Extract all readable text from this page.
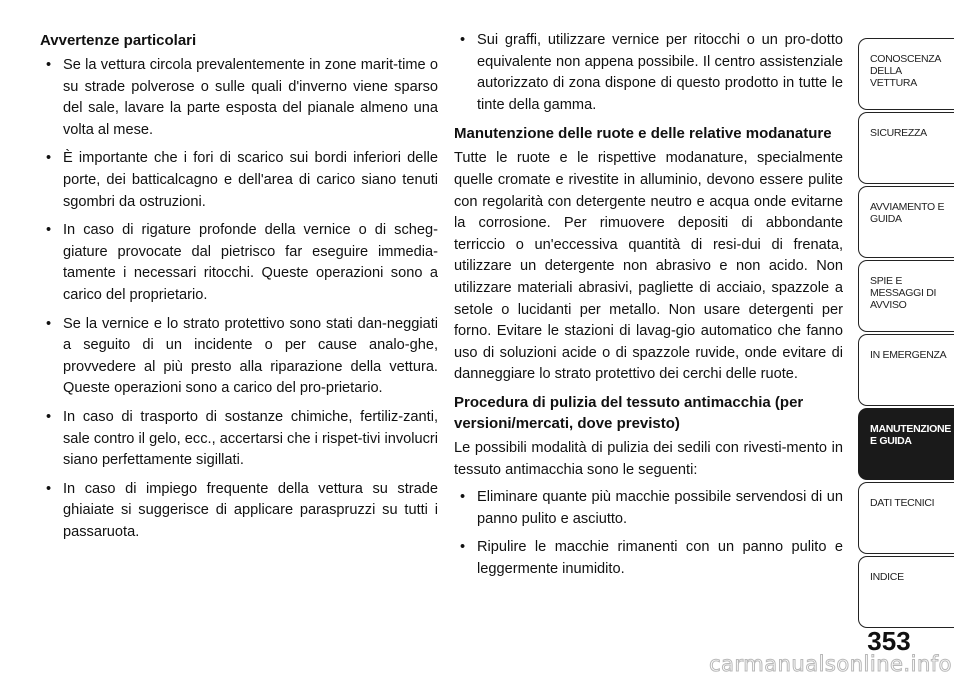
Avvertenze particolari
• Se la vettura circola prevalentemente in zone marit-time o su strade polverose o sulle quali d'inverno viene sparso del sale, lavare la parte esposta del pianale almeno una volta al mese.
• È importante che i fori di scarico sui bordi inferiori delle porte, dei batticalcagno e dell'area di carico siano tenuti sgombri da ostruzioni.
• In caso di rigature profonde della vernice o di scheg-giature provocate dal pietrisco far eseguire immedia-tamente i necessari ritocchi. Queste operazioni sono a carico del proprietario.
• Se la vernice e lo strato protettivo sono stati dan-neggiati a seguito di un incidente o per cause analo-ghe, provvedere al più presto alla riparazione della vettura. Queste operazioni sono a carico del pro-prietario.
• In caso di trasporto di sostanze chimiche, fertiliz-zanti, sale contro il gelo, ecc., accertarsi che i rispet-tivi involucri siano perfettamente sigillati.
• In caso di impiego frequente della vettura su strade ghiaiate si suggerisce di applicare paraspruzzi su tutti i passaruota.
• Sui graffi, utilizzare vernice per ritocchi o un pro-dotto equivalente non appena possibile. Il centro assistenziale autorizzato di zona dispone di questo prodotto in tutte le tinte della gamma.
Manutenzione delle ruote e delle relative modanature

Tutte le ruote e le rispettive modanature, specialmente quelle cromate e rivestite in alluminio, devono essere pulite con regolarità con detergente neutro e acqua onde evitarne la corrosione. Per rimuovere depositi di abbondante terriccio o un'eccessiva quantità di resi-dui di frenata, utilizzare un detergente non abrasivo e non acido. Non utilizzare materiali abrasivi, pagliette di acciaio, spazzole a setole o lucidanti per metallo. Non usare detergenti per forno. Evitare le stazioni di lavag-gio automatico che fanno uso di soluzioni acide o di spazzole ruvide, onde evitare di danneggiare lo strato protettivo dei cerchi delle ruote.

Procedura di pulizia del tessuto antimacchia (per versioni/mercati, dove previsto)

Le possibili modalità di pulizia dei sedili con rivesti-mento in tessuto antimacchia sono le seguenti:

• Eliminare quante più macchie possibile servendosi di un panno pulito e asciutto.
• Ripulire le macchie rimanenti con un panno pulito e leggermente inumidito.
CONOSCENZA DELLA VETTURA
SICUREZZA
AVVIAMENTO E GUIDA
SPIE E MESSAGGI DI AVVISO
IN EMERGENZA
MANUTENZIONE E GUIDA
DATI TECNICI
INDICE
353
carmanualsonline.info
